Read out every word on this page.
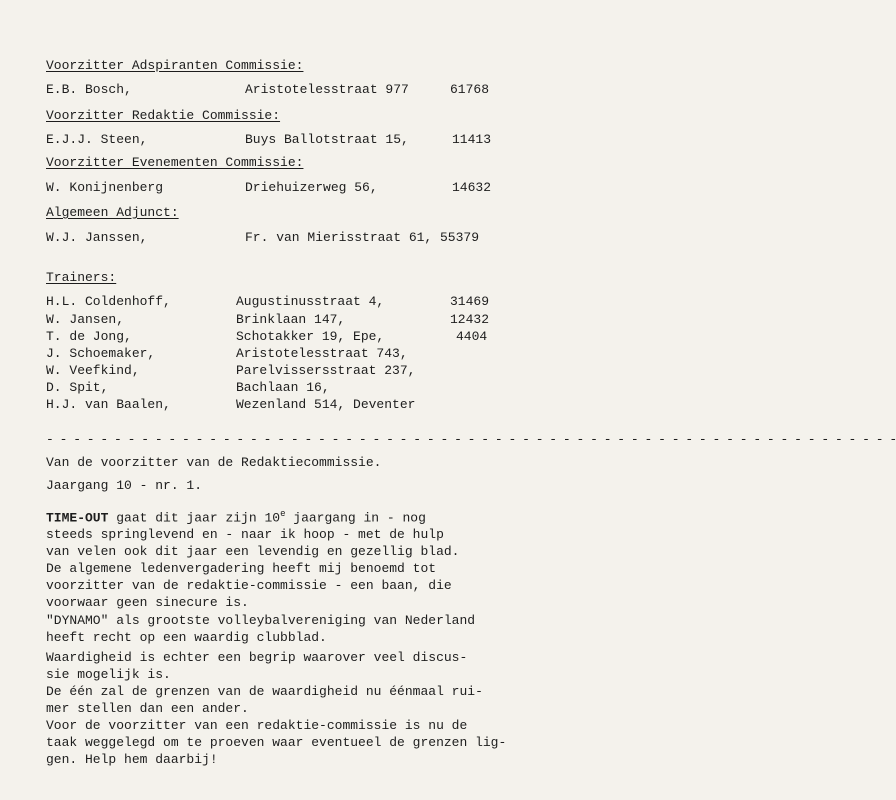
Voorzitter Adspiranten Commissie:
E.B. Bosch,	Aristotelesstraat 977	61768
Voorzitter Redaktie Commissie:
E.J.J. Steen,	Buys Ballotstraat 15,	11413
Voorzitter Evenementen Commissie:
W. Konijnenberg	Driehuizerweg 56,	14632
Algemeen Adjunct:
W.J. Janssen,	Fr. van Mierisstraat 61, 55379
Trainers:
H.L. Coldenhoff,	Augustinusstraat 4,	31469
W. Jansen,	Brinklaan 147,	12432
T. de Jong,	Schotakker 19, Epe,	4404
J. Schoemaker,	Aristotelesstraat 743,
W. Veefkind,	Parelvissersstraat 237,
D. Spit,	Bachlaan 16,
H.J. van Baalen,	Wezenland 514, Deventer
- - - - - - - - - - - - - - - - - - - - - - - - - - - - - - - - - - - - - - - - - - - - - - - - - - - - - - - - - - - - - - -
Van de voorzitter van de Redaktiecommissie.
Jaargang 10 - nr. 1.
TIME-OUT gaat dit jaar zijn 10e jaargang in - nog
steeds springlevend en - naar ik hoop - met de hulp
van velen ook dit jaar een levendig en gezellig blad.
De algemene ledenvergadering heeft mij benoemd tot
voorzitter van de redaktie-commissie - een baan, die
voorwaar geen sinecure is.
"DYNAMO" als grootste volleybalvereniging van Nederland heeft recht op een waardig clubblad.
Waardigheid is echter een begrip waarover veel discus-
sie mogelijk is.
De één zal de grenzen van de waardigheid nu éénmaal rui-
mer stellen dan een ander.
Voor de voorzitter van een redaktie-commissie is nu de
taak weggelegd om te proeven waar eventueel de grenzen lig-
gen. Help hem daarbij!
